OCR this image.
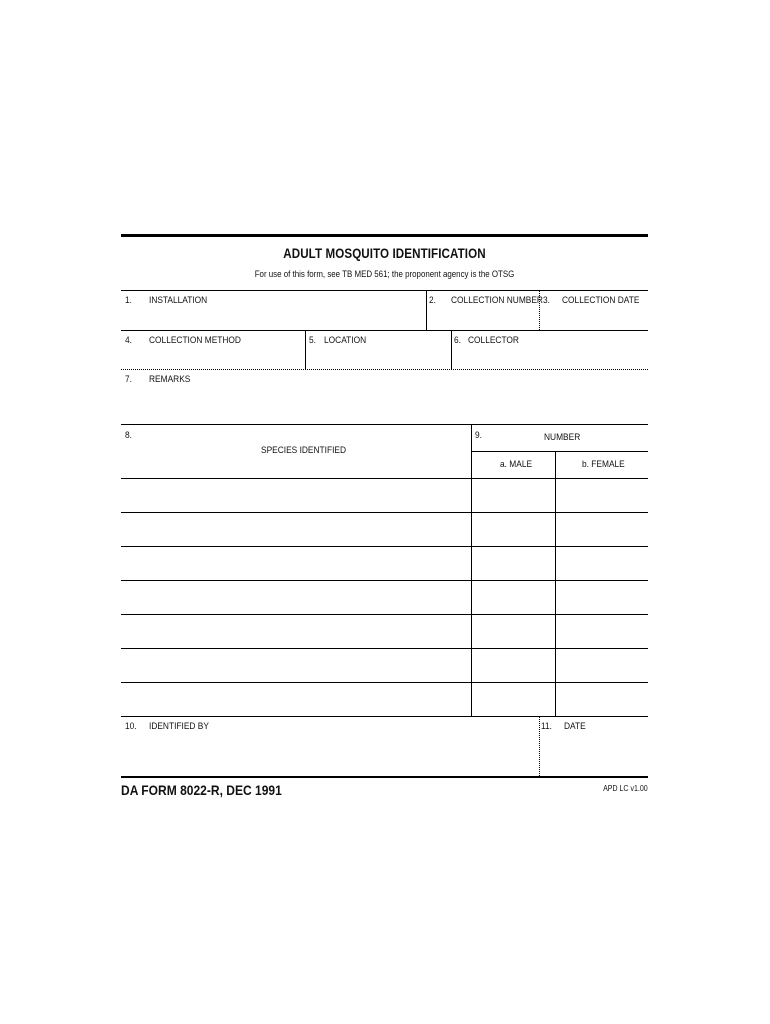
ADULT MOSQUITO IDENTIFICATION
For use of this form, see TB MED 561; the proponent agency is the OTSG
1. INSTALLATION	2. COLLECTION NUMBER 3. COLLECTION DATE
4. COLLECTION METHOD	5. LOCATION	6. COLLECTOR
7. REMARKS
8.
SPECIES IDENTIFIED
9.	NUMBER
a. MALE	b. FEMALE
10. IDENTIFIED BY	11. DATE
DA FORM 8022-R, DEC 1991	APD LC v1.00
